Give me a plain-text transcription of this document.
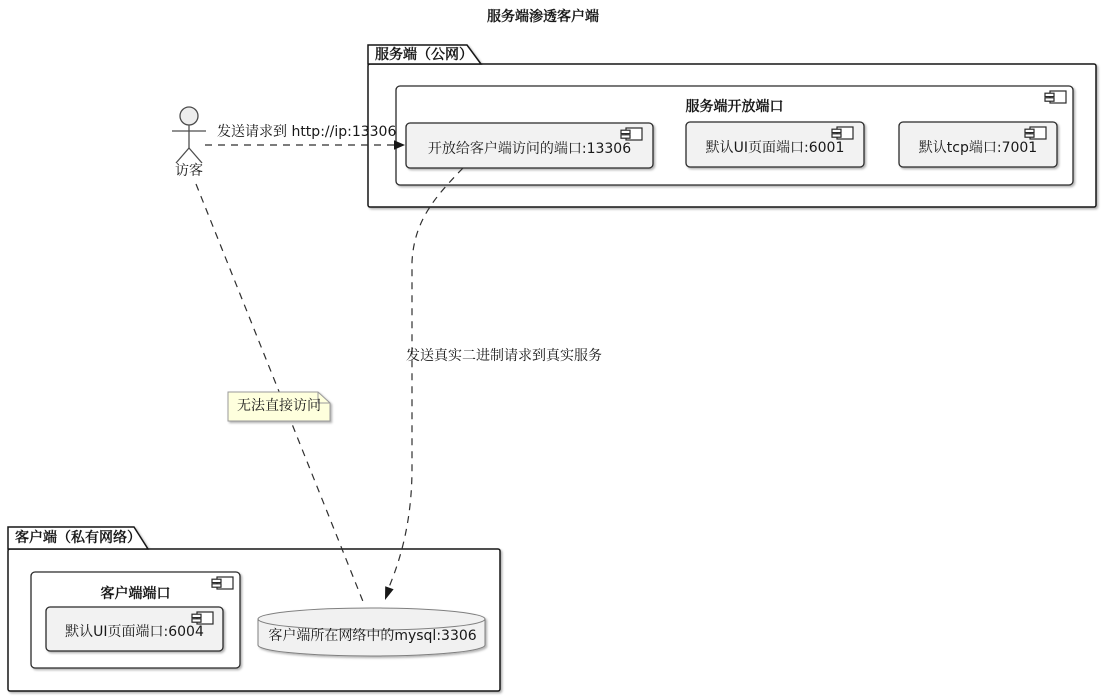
服务端渗透客户端
服务端（公网）
服务端开放端口
开放给客户端访问的端口:13306	默认UI页面端口:6001	默认tcp端口:7001
访客
发送请求到 http://ip:13306
发送真实二进制请求到真实服务
无法直接访问
客户端（私有网络）
客户端端口
默认UI页面端口:6004	客户端所在网络中的mysql:3306
